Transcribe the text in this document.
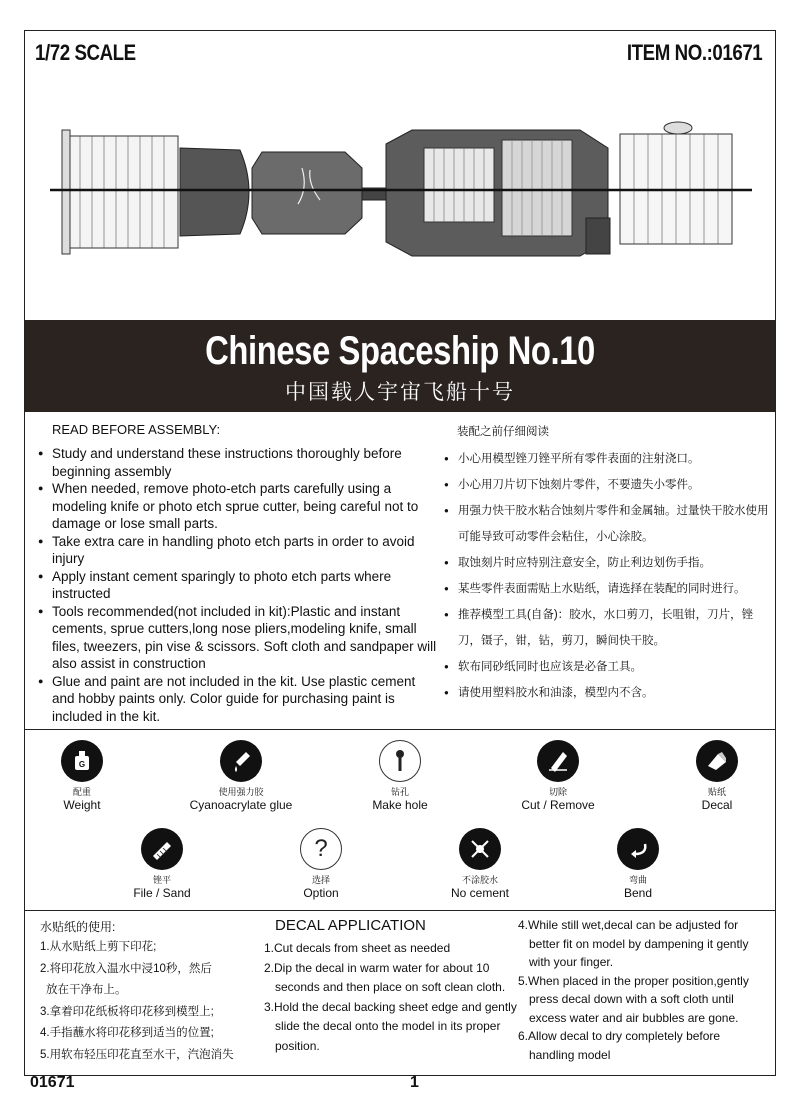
1/72 SCALE	ITEM NO.:01671
Chinese Spaceship No.10
中国载人宇宙飞船十号
READ BEFORE ASSEMBLY:
● Study and understand these instructions thoroughly before beginning assembly
● When needed, remove photo-etch parts carefully using a modeling knife or photo etch sprue cutter, being careful not to damage or lose small parts.
● Take extra care in handling photo etch parts in order to avoid injury
● Apply instant cement sparingly to photo etch parts where instructed
● Tools recommended(not included in kit):Plastic and instant cements, sprue cutters,long nose pliers,modeling knife, small files, tweezers, pin vise & scissors. Soft cloth and sandpaper will also assist in construction
● Glue and paint are not included in the kit. Use plastic cement and hobby paints only. Color guide for purchasing paint is included in the kit.
装配之前仔细阅读
● 小心用模型锉刀锉平所有零件表面的注射浇口。
● 小心用刀片切下蚀刻片零件，不要遗失小零件。
● 用强力快干胶水粘合蚀刻片零件和金属轴。过量快干胶水使用可能导致可动零件会粘住，小心涂胶。
● 取蚀刻片时应特别注意安全，防止利边划伤手指。
● 某些零件表面需贴上水贴纸，请选择在装配的同时进行。
● 推荐模型工具(自备)：胶水，水口剪刀，长咀钳，刀片，锉刀，镊子，钳，钻，剪刀，瞬间快干胶。
● 软布同砂纸同时也应该是必备工具。
● 请使用塑料胶水和油漆，模型内不含。
G
配重
Weight
使用强力胶
Cyanoacrylate glue
钻孔
Make hole
切除
Cut / Remove
贴纸
Decal
锉平
File / Sand
?
选择
Option
不涂胶水
No cement
弯曲
Bend
水贴纸的使用:
1.从水贴纸上剪下印花;
2.将印花放入温水中浸10秒，然后
放在干净布上。
3.拿着印花纸板将印花移到模型上;
4.手指蘸水将印花移到适当的位置;
5.用软布轻压印花直至水干，汽泡消失
DECAL APPLICATION
1.Cut decals from sheet as needed
2.Dip the decal in warm water for about 10 seconds and then place on soft clean cloth.
3.Hold the decal backing sheet edge and gently slide the decal onto the model in its proper position.
4.While still wet,decal can be adjusted for better fit on model by dampening it gently with your finger.
5.When placed in the proper position,gently press decal down with a soft cloth until excess water and air bubbles are gone.
6.Allow decal to dry completely before handling model
01671	1
